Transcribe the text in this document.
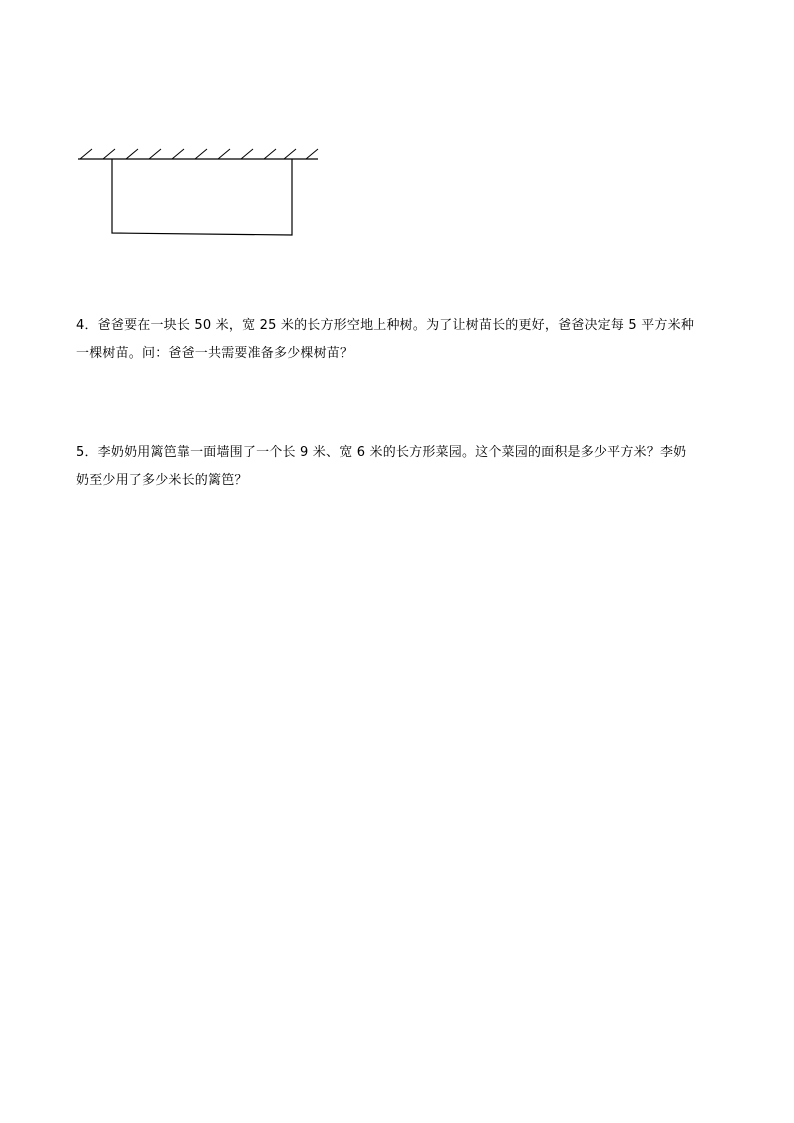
4．爸爸要在一块长 50 米，宽 25 米的长方形空地上种树。为了让树苗长的更好，爸爸决定每 5 平方米种
一棵树苗。问：爸爸一共需要准备多少棵树苗？
5．李奶奶用篱笆靠一面墙围了一个长 9 米、宽 6 米的长方形菜园。这个菜园的面积是多少平方米？李奶
奶至少用了多少米长的篱笆？
